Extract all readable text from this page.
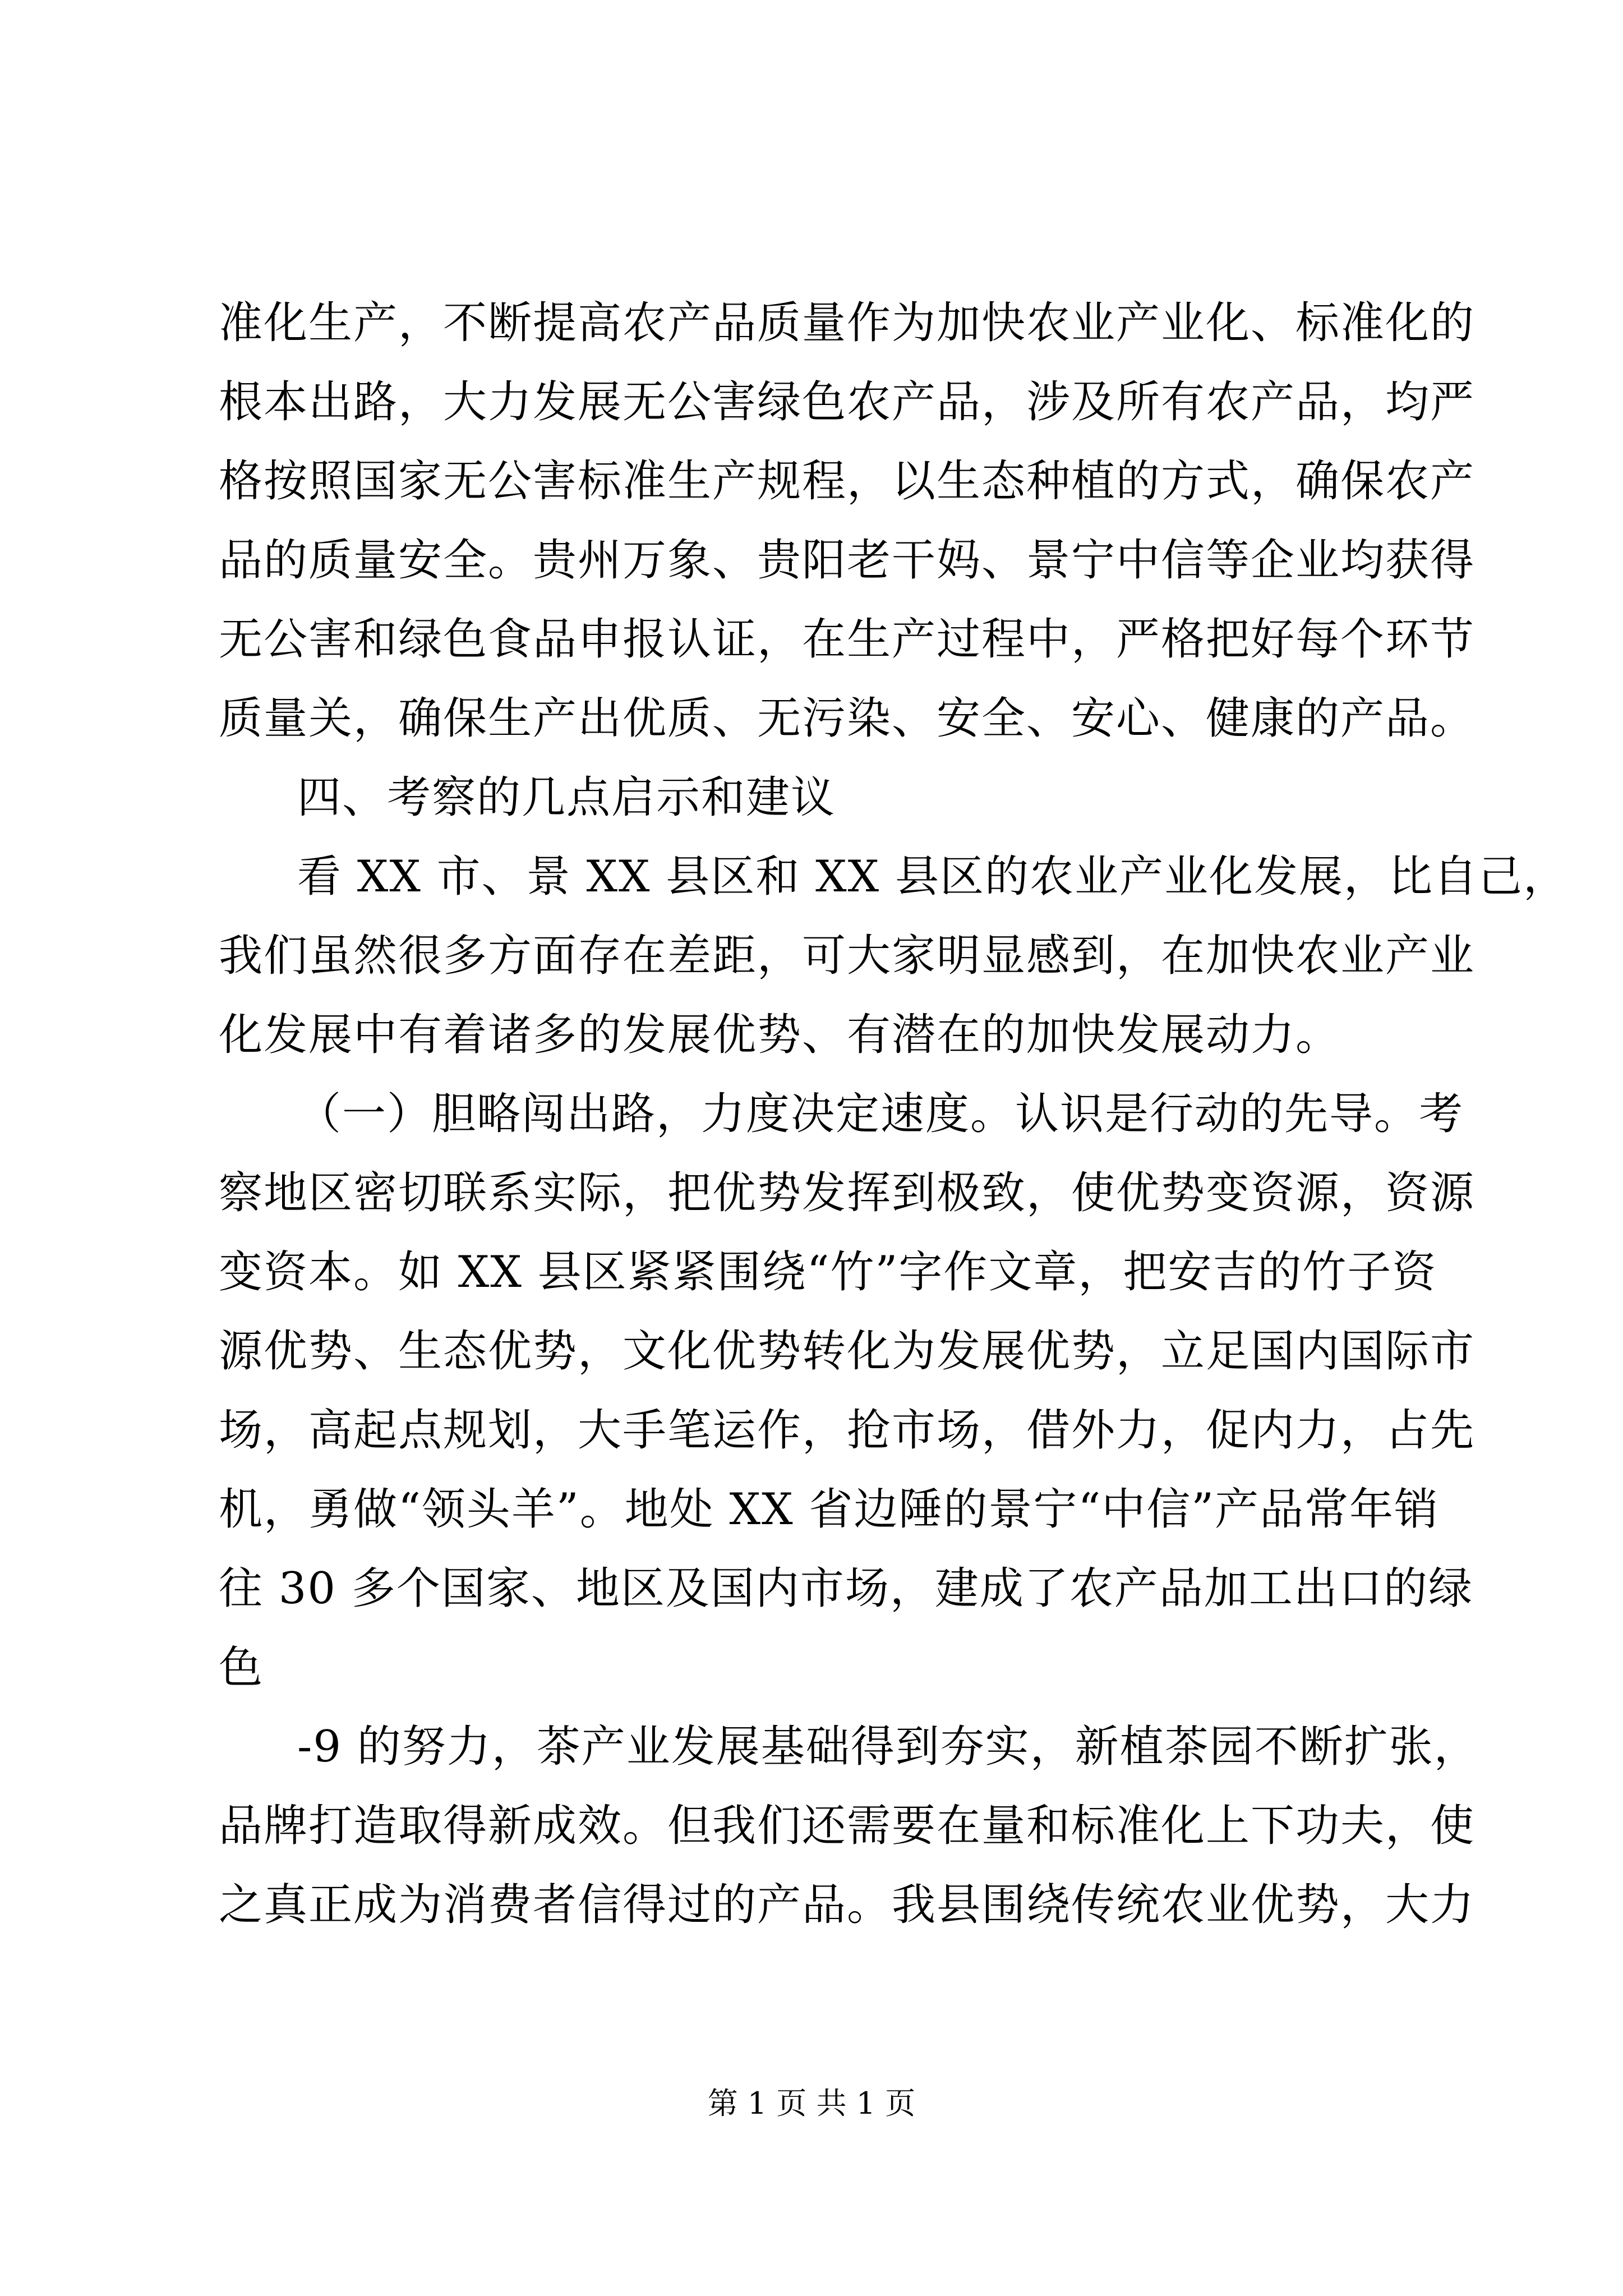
准化生产，不断提高农产品质量作为加快农业产业化、标准化的

根本出路，大力发展无公害绿色农产品，涉及所有农产品，均严

格按照国家无公害标准生产规程，以生态种植的方式，确保农产

品的质量安全。贵州万象、贵阳老干妈、景宁中信等企业均获得

无公害和绿色食品申报认证，在生产过程中，严格把好每个环节

质量关，确保生产出优质、无污染、安全、安心、健康的产品。

四、考察的几点启示和建议

看 XX 市、景 XX 县区和 XX 县区的农业产业化发展，比自己，

我们虽然很多方面存在差距，可大家明显感到，在加快农业产业

化发展中有着诸多的发展优势、有潜在的加快发展动力。

（一）胆略闯出路，力度决定速度。认识是行动的先导。考

察地区密切联系实际，把优势发挥到极致，使优势变资源，资源

变资本。如 XX 县区紧紧围绕“竹”字作文章，把安吉的竹子资

源优势、生态优势，文化优势转化为发展优势，立足国内国际市

场，高起点规划，大手笔运作，抢市场，借外力，促内力，占先

机，勇做“领头羊”。地处 XX 省边陲的景宁“中信”产品常年销

往 30 多个国家、地区及国内市场，建成了农产品加工出口的绿

色

-9 的努力，茶产业发展基础得到夯实，新植茶园不断扩张，

品牌打造取得新成效。但我们还需要在量和标准化上下功夫，使

之真正成为消费者信得过的产品。我县围绕传统农业优势，大力

第 1 页 共 1 页
